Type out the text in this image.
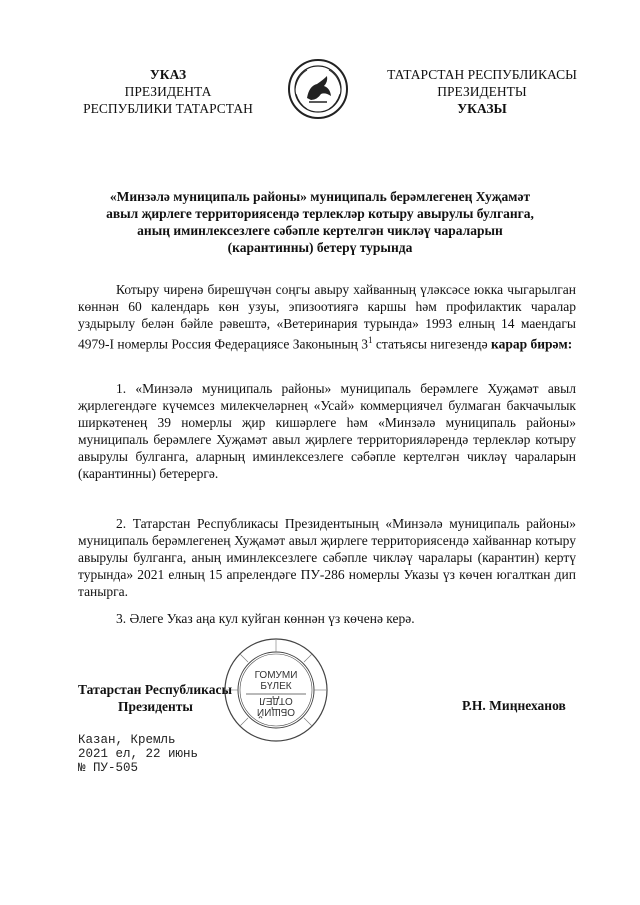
УКАЗ
ПРЕЗИДЕНТА
РЕСПУБЛИКИ ТАТАРСТАН
ТАТАРСТАН РЕСПУБЛИКАСЫ
ПРЕЗИДЕНТЫ
УКАЗЫ
«Минзәлә муниципаль районы» муниципаль берәмлегенең Хуҗамәт
авыл җирлеге территориясендә терлекләр котыру авырулы булганга,
аның иминлексезлеге сәбәпле кертелгән чикләү чараларын
(карантинны) бетерү турында
Котыру чиренә бирешүчән соңгы авыру хайванның үләксәсе юкка чыгарылган көннән 60 календарь көн узуы, эпизоотиягә каршы һәм профилактик чаралар уздырылу белән бәйле рәвештә, «Ветеринария турында» 1993 елның 14 маендагы 4979-I номерлы Россия Федерациясе Законының $3^1$ статьясы нигезендә карар бирәм:
1. «Минзәлә муниципаль районы» муниципаль берәмлеге Хуҗамәт авыл җирлегендәге күчемсез милекчеләрнең «Усай» коммерциячел булмаган бакчачылык ширкәтенең 39 номерлы җир кишәрлеге һәм «Минзәлә муниципаль районы» муниципаль берәмлеге Хуҗамәт авыл җирлеге территорияләрендә терлекләр котыру авырулы булганга, аларның иминлексезлеге сәбәпле кертелгән чикләү чараларын (карантинны) бетерергә.
2. Татарстан Республикасы Президентының «Минзәлә муниципаль районы» муниципаль берәмлегенең Хуҗамәт авыл җирлеге территориясендә хайваннар котыру авырулы булганга, аның иминлексезлеге сәбәпле чикләү чаралары (карантин) кертү турында» 2021 елның 15 апрелендәге ПУ-286 номерлы Указы үз көчен югалткан дип танырга.
3. Әлеге Указ аңа кул куйган көннән үз көченә керә.
ГОМУМИ
БҮЛЕК
ОТДЕЛ
ОБЩИЙ
Татарстан Республикасы
Президенты	Р.Н. Миңнеханов
Казан, Кремль
2021 ел, 22 июнь
№ ПУ-505
